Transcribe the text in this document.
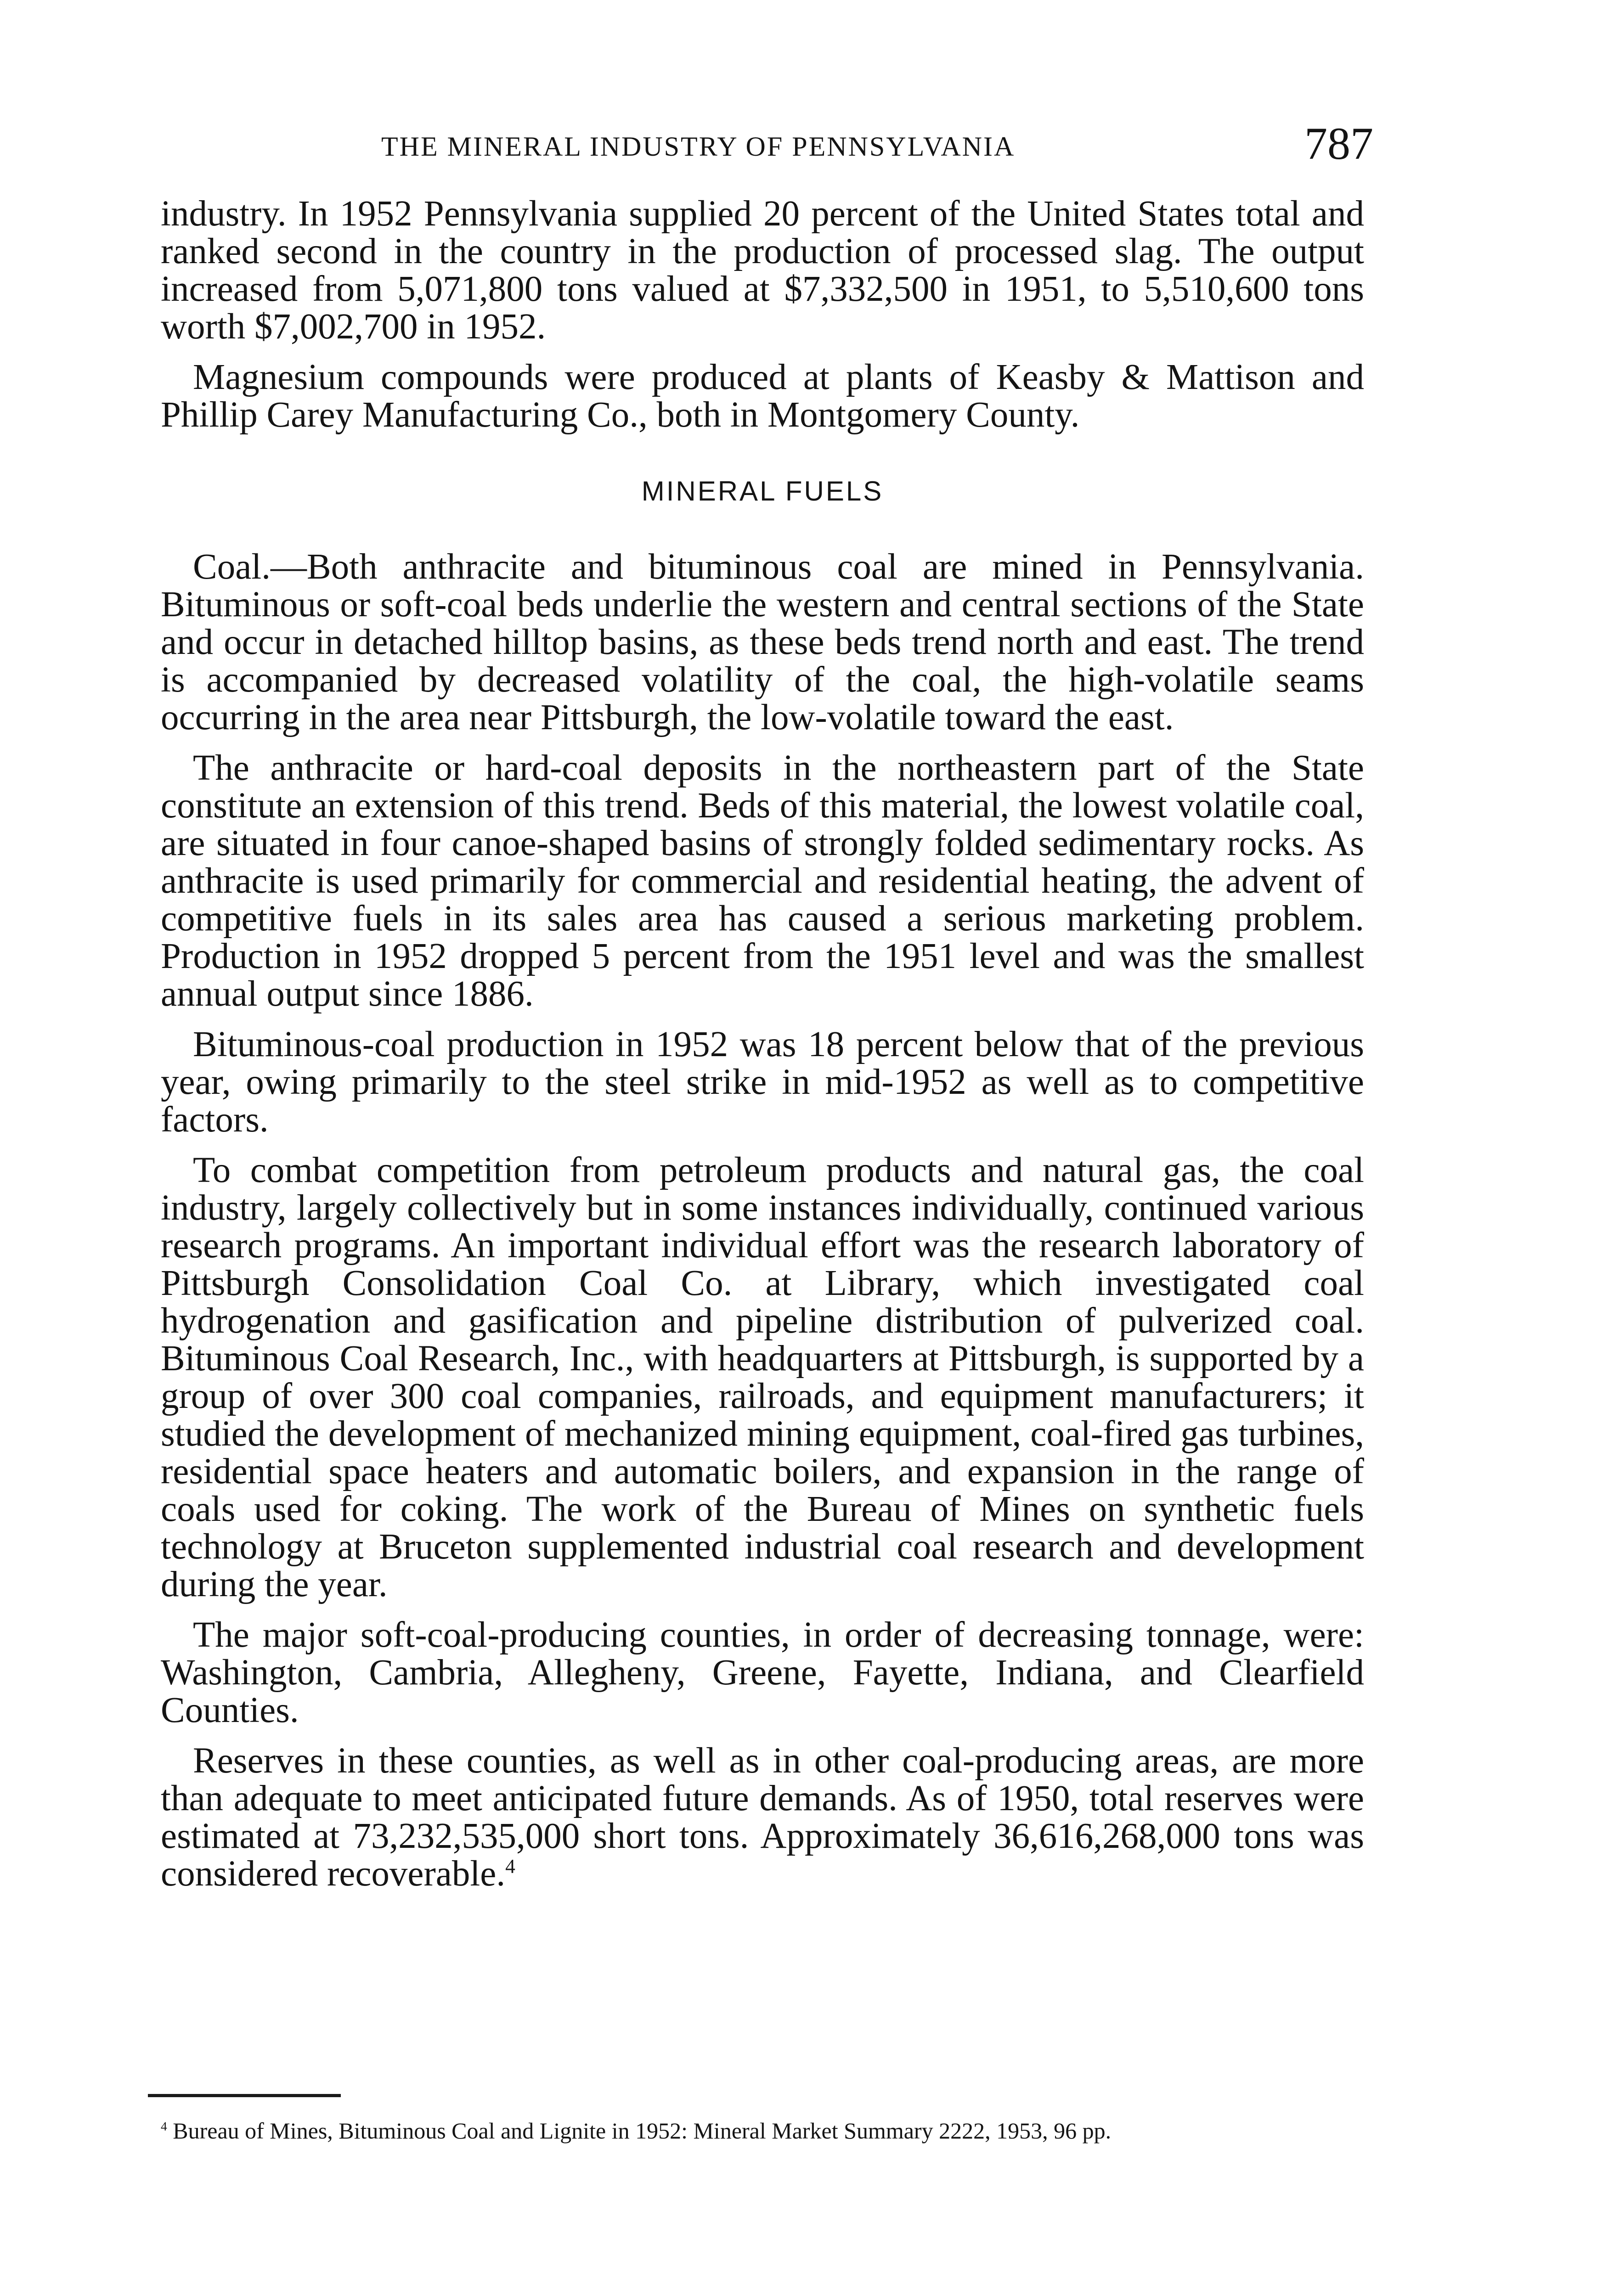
THE MINERAL INDUSTRY OF PENNSYLVANIA	787

industry. In 1952 Pennsylvania supplied 20 percent of the United States total and ranked second in the country in the production of processed slag. The output increased from 5,071,800 tons valued at $7,332,500 in 1951, to 5,510,600 tons worth $7,002,700 in 1952.

Magnesium compounds were produced at plants of Keasby & Mattison and Phillip Carey Manufacturing Co., both in Montgomery County.

MINERAL FUELS

Coal.—Both anthracite and bituminous coal are mined in Pennsylvania. Bituminous or soft-coal beds underlie the western and central sections of the State and occur in detached hilltop basins, as these beds trend north and east. The trend is accompanied by decreased volatility of the coal, the high-volatile seams occurring in the area near Pittsburgh, the low-volatile toward the east.

The anthracite or hard-coal deposits in the northeastern part of the State constitute an extension of this trend. Beds of this material, the lowest volatile coal, are situated in four canoe-shaped basins of strongly folded sedimentary rocks. As anthracite is used primarily for commercial and residential heating, the advent of competitive fuels in its sales area has caused a serious marketing problem. Production in 1952 dropped 5 percent from the 1951 level and was the smallest annual output since 1886.

Bituminous-coal production in 1952 was 18 percent below that of the previous year, owing primarily to the steel strike in mid-1952 as well as to competitive factors.

To combat competition from petroleum products and natural gas, the coal industry, largely collectively but in some instances individually, continued various research programs. An important individual effort was the research laboratory of Pittsburgh Consolidation Coal Co. at Library, which investigated coal hydrogenation and gasification and pipeline distribution of pulverized coal. Bituminous Coal Research, Inc., with headquarters at Pittsburgh, is supported by a group of over 300 coal companies, railroads, and equipment manufacturers; it studied the development of mechanized mining equipment, coal-fired gas turbines, residential space heaters and automatic boilers, and expansion in the range of coals used for coking. The work of the Bureau of Mines on synthetic fuels technology at Bruceton supplemented industrial coal research and development during the year.

The major soft-coal-producing counties, in order of decreasing tonnage, were: Washington, Cambria, Allegheny, Greene, Fayette, Indiana, and Clearfield Counties.

Reserves in these counties, as well as in other coal-producing areas, are more than adequate to meet anticipated future demands. As of 1950, total reserves were estimated at 73,232,535,000 short tons. Approximately 36,616,268,000 tons was considered recoverable.$^4$

$^4$ Bureau of Mines, Bituminous Coal and Lignite in 1952: Mineral Market Summary 2222, 1953, 96 pp.
